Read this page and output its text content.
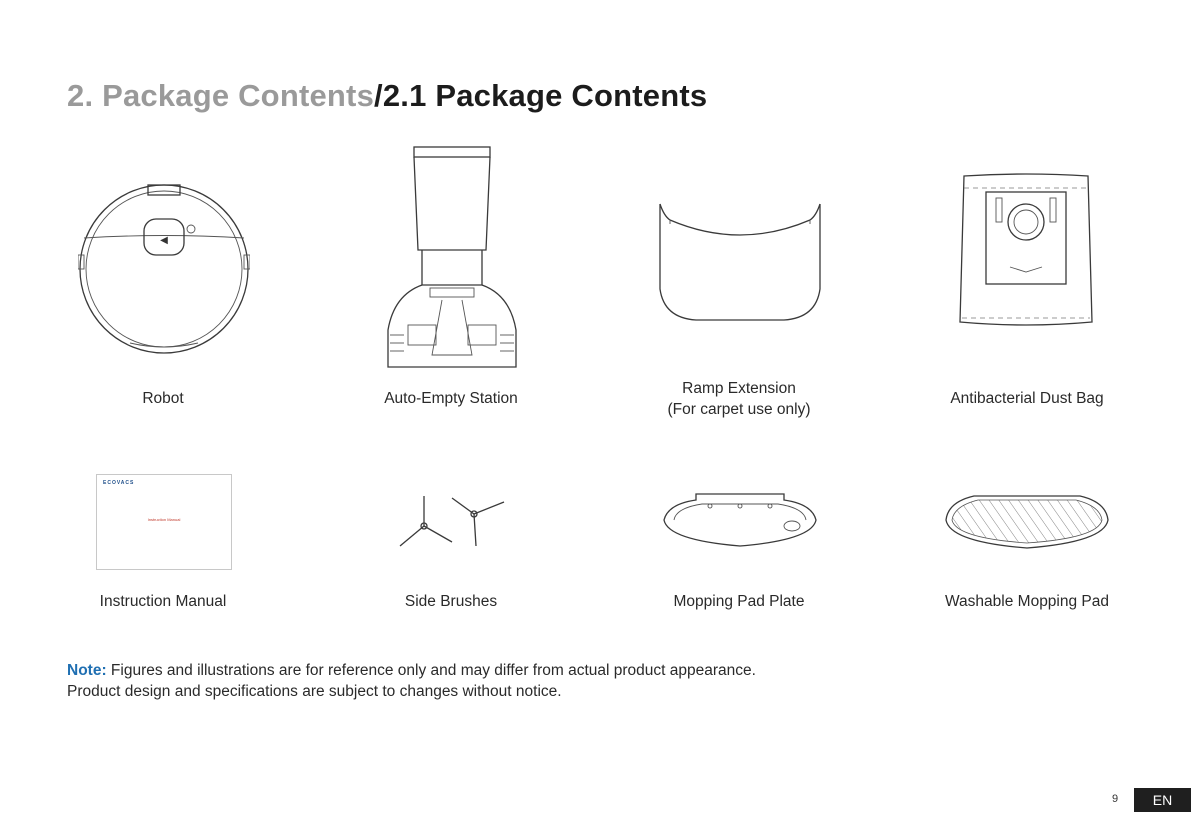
2. Package Contents/2.1 Package Contents
◀
Robot	Auto-Empty Station
Ramp Extension
(For carpet use only)
Antibacterial Dust Bag
ECOVACS
Instruction Manual
Instruction Manual	Side Brushes	Mopping Pad Plate	Washable Mopping Pad
Note: Figures and illustrations are for reference only and may differ from actual product appearance.
Product design and specifications are subject to changes without notice.
9	EN
